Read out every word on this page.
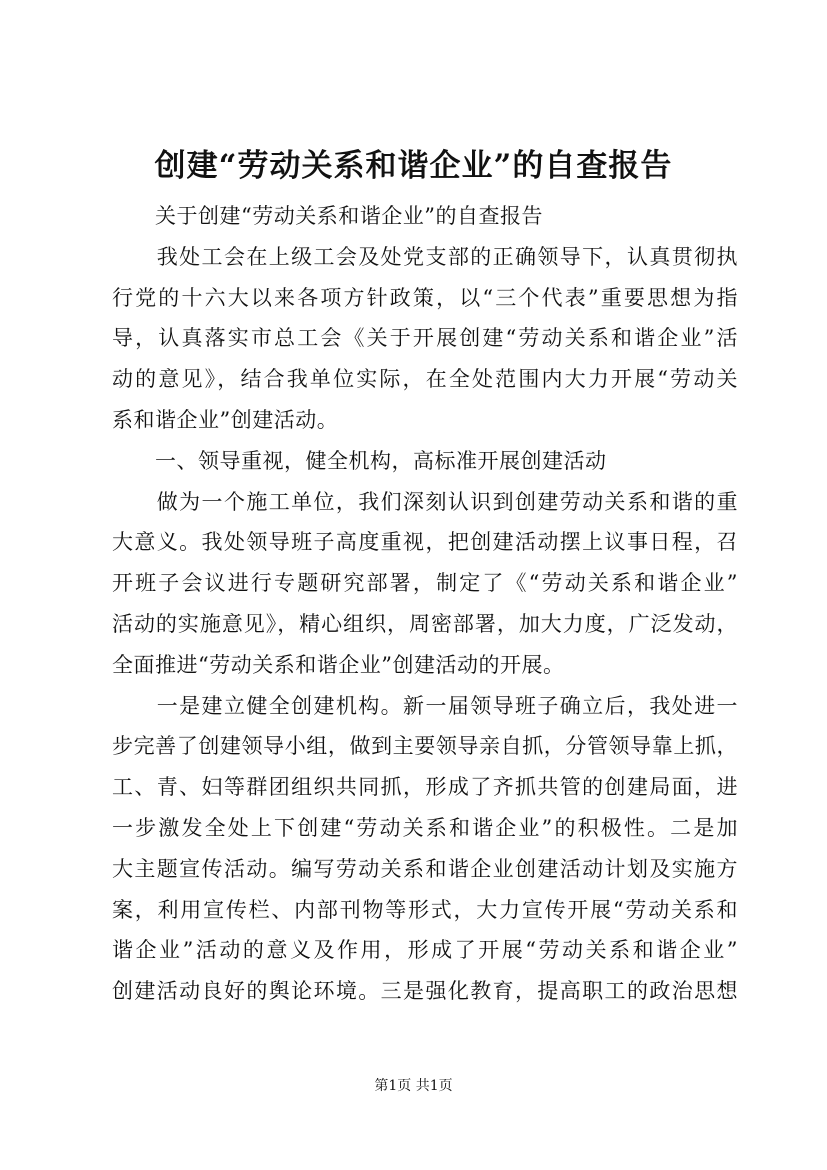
创建“劳动关系和谐企业”的自查报告
　　关于创建“劳动关系和谐企业”的自查报告
　　我处工会在上级工会及处党支部的正确领导下，认真贯彻执
行党的十六大以来各项方针政策，以“三个代表”重要思想为指
导，认真落实市总工会《关于开展创建“劳动关系和谐企业”活
动的意见》，结合我单位实际，在全处范围内大力开展“劳动关
系和谐企业”创建活动。
　　一、领导重视，健全机构，高标准开展创建活动
　　做为一个施工单位，我们深刻认识到创建劳动关系和谐的重
大意义。我处领导班子高度重视，把创建活动摆上议事日程，召
开班子会议进行专题研究部署，制定了《“劳动关系和谐企业”
活动的实施意见》，精心组织，周密部署，加大力度，广泛发动，
全面推进“劳动关系和谐企业”创建活动的开展。
　　一是建立健全创建机构。新一届领导班子确立后，我处进一
步完善了创建领导小组，做到主要领导亲自抓，分管领导靠上抓，
工、青、妇等群团组织共同抓，形成了齐抓共管的创建局面，进
一步激发全处上下创建“劳动关系和谐企业”的积极性。二是加
大主题宣传活动。编写劳动关系和谐企业创建活动计划及实施方
案，利用宣传栏、内部刊物等形式，大力宣传开展“劳动关系和
谐企业”活动的意义及作用，形成了开展“劳动关系和谐企业”
创建活动良好的舆论环境。三是强化教育，提高职工的政治思想
第1页 共1页
